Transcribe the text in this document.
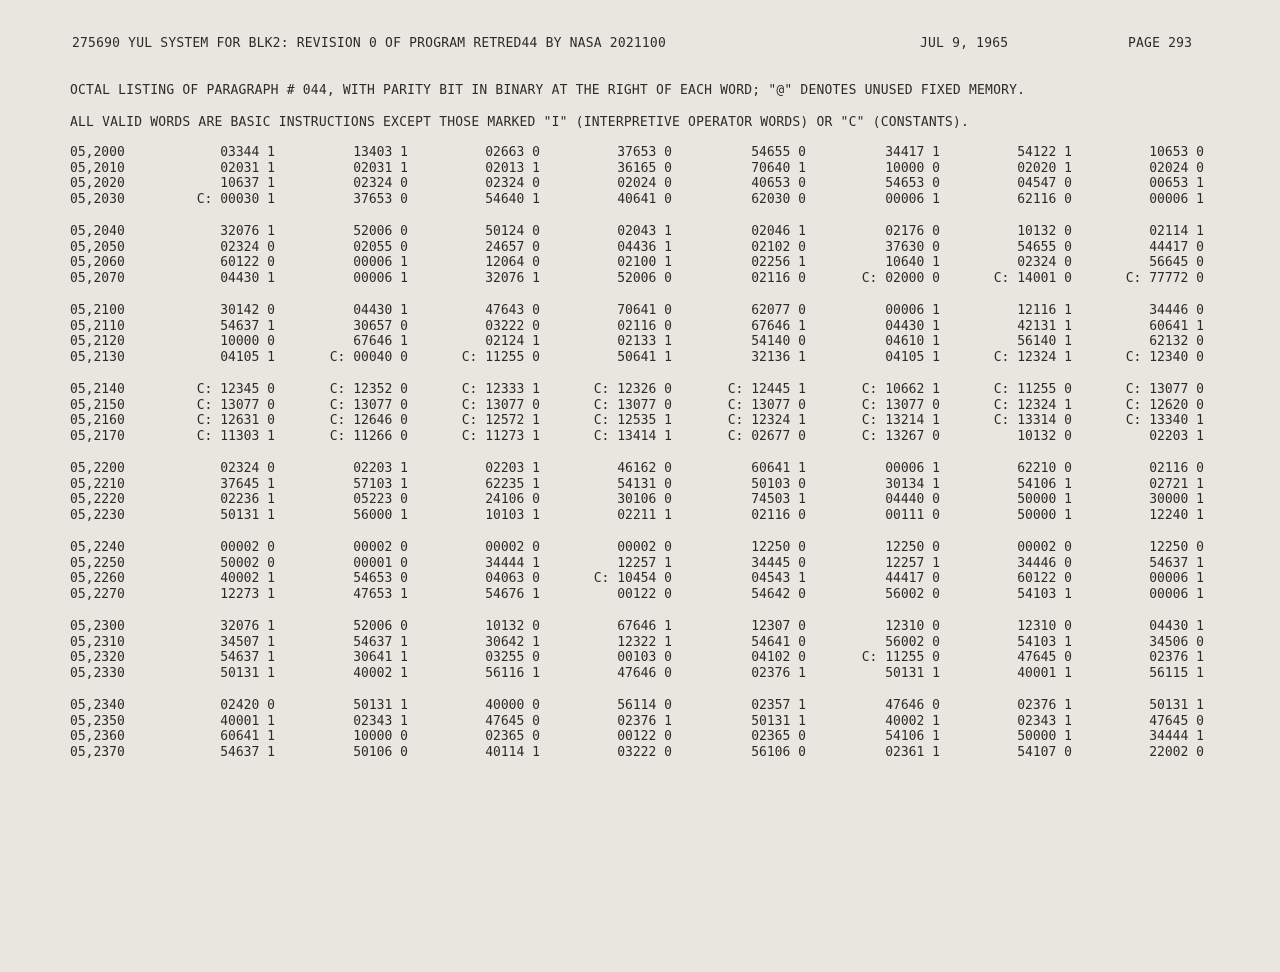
275690 YUL SYSTEM FOR BLK2: REVISION 0 OF PROGRAM RETRED44 BY NASA 2021100	JUL 9, 1965	PAGE 293
OCTAL LISTING OF PARAGRAPH # 044, WITH PARITY BIT IN BINARY AT THE RIGHT OF EACH WORD; "@" DENOTES UNUSED FIXED MEMORY.
ALL VALID WORDS ARE BASIC INSTRUCTIONS EXCEPT THOSE MARKED "I" (INTERPRETIVE OPERATOR WORDS) OR "C" (CONSTANTS).
05,2000	03344 1	13403 1	02663 0	37653 0	54655 0	34417 1	54122 1	10653 0
05,2010	02031 1	02031 1	02013 1	36165 0	70640 1	10000 0	02020 1	02024 0
05,2020	10637 1	02324 0	02324 0	02024 0	40653 0	54653 0	04547 0	00653 1
05,2030	C: 00030 1	37653 0	54640 1	40641 0	62030 0	00006 1	62116 0	00006 1
05,2040	32076 1	52006 0	50124 0	02043 1	02046 1	02176 0	10132 0	02114 1
05,2050	02324 0	02055 0	24657 0	04436 1	02102 0	37630 0	54655 0	44417 0
05,2060	60122 0	00006 1	12064 0	02100 1	02256 1	10640 1	02324 0	56645 0
05,2070	04430 1	00006 1	32076 1	52006 0	02116 0	C: 02000 0	C: 14001 0	C: 77772 0
05,2100	30142 0	04430 1	47643 0	70641 0	62077 0	00006 1	12116 1	34446 0
05,2110	54637 1	30657 0	03222 0	02116 0	67646 1	04430 1	42131 1	60641 1
05,2120	10000 0	67646 1	02124 1	02133 1	54140 0	04610 1	56140 1	62132 0
05,2130	04105 1	C: 00040 0	C: 11255 0	50641 1	32136 1	04105 1	C: 12324 1	C: 12340 0
05,2140	C: 12345 0	C: 12352 0	C: 12333 1	C: 12326 0	C: 12445 1	C: 10662 1	C: 11255 0	C: 13077 0
05,2150	C: 13077 0	C: 13077 0	C: 13077 0	C: 13077 0	C: 13077 0	C: 13077 0	C: 12324 1	C: 12620 0
05,2160	C: 12631 0	C: 12646 0	C: 12572 1	C: 12535 1	C: 12324 1	C: 13214 1	C: 13314 0	C: 13340 1
05,2170	C: 11303 1	C: 11266 0	C: 11273 1	C: 13414 1	C: 02677 0	C: 13267 0	10132 0	02203 1
05,2200	02324 0	02203 1	02203 1	46162 0	60641 1	00006 1	62210 0	02116 0
05,2210	37645 1	57103 1	62235 1	54131 0	50103 0	30134 1	54106 1	02721 1
05,2220	02236 1	05223 0	24106 0	30106 0	74503 1	04440 0	50000 1	30000 1
05,2230	50131 1	56000 1	10103 1	02211 1	02116 0	00111 0	50000 1	12240 1
05,2240	00002 0	00002 0	00002 0	00002 0	12250 0	12250 0	00002 0	12250 0
05,2250	50002 0	00001 0	34444 1	12257 1	34445 0	12257 1	34446 0	54637 1
05,2260	40002 1	54653 0	04063 0	C: 10454 0	04543 1	44417 0	60122 0	00006 1
05,2270	12273 1	47653 1	54676 1	00122 0	54642 0	56002 0	54103 1	00006 1
05,2300	32076 1	52006 0	10132 0	67646 1	12307 0	12310 0	12310 0	04430 1
05,2310	34507 1	54637 1	30642 1	12322 1	54641 0	56002 0	54103 1	34506 0
05,2320	54637 1	30641 1	03255 0	00103 0	04102 0	C: 11255 0	47645 0	02376 1
05,2330	50131 1	40002 1	56116 1	47646 0	02376 1	50131 1	40001 1	56115 1
05,2340	02420 0	50131 1	40000 0	56114 0	02357 1	47646 0	02376 1	50131 1
05,2350	40001 1	02343 1	47645 0	02376 1	50131 1	40002 1	02343 1	47645 0
05,2360	60641 1	10000 0	02365 0	00122 0	02365 0	54106 1	50000 1	34444 1
05,2370	54637 1	50106 0	40114 1	03222 0	56106 0	02361 1	54107 0	22002 0
